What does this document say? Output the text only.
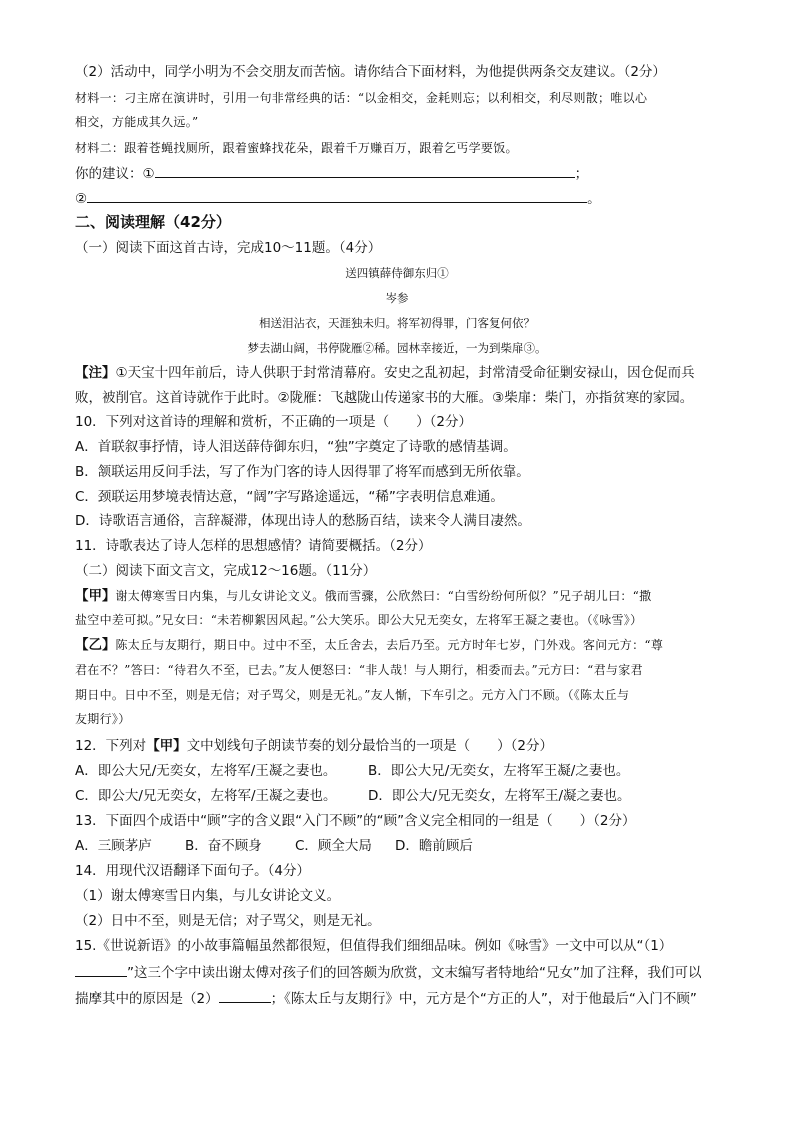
（2）活动中，同学小明为不会交朋友而苦恼。请你结合下面材料，为他提供两条交友建议。（2分）
材料一：刁主席在演讲时，引用一句非常经典的话：“以金相交，金耗则忘；以利相交，利尽则散；唯以心
相交，方能成其久远。”
材料二：跟着苍蝇找厕所，跟着蜜蜂找花朵，跟着千万赚百万，跟着乞丐学要饭。
你的建议：①	；
②	。
二、阅读理解（42分）
（一）阅读下面这首古诗，完成10～11题。（4分）
送四镇薛侍御东归①
岑参
相送泪沾衣，天涯独未归。将军初得罪，门客复何依？
梦去湖山阔，书停陇雁②稀。园林幸接近，一为到柴扉③。
【注】①天宝十四年前后，诗人供职于封常清幕府。安史之乱初起，封常清受命征剿安禄山，因仓促而兵
败，被削官。这首诗就作于此时。②陇雁：飞越陇山传递家书的大雁。③柴扉：柴门，亦指贫寒的家园。
10．下列对这首诗的理解和赏析，不正确的一项是（　　）（2分）
A．首联叙事抒情，诗人泪送薛侍御东归，“独”字奠定了诗歌的感情基调。
B．颔联运用反问手法，写了作为门客的诗人因得罪了将军而感到无所依靠。
C．颈联运用梦境表情达意，“阔”字写路途遥远，“稀”字表明信息难通。
D．诗歌语言通俗，言辞凝滞，体现出诗人的愁肠百结，读来令人满目凄然。
11．诗歌表达了诗人怎样的思想感情？请简要概括。（2分）
（二）阅读下面文言文，完成12～16题。（11分）
【甲】谢太傅寒雪日内集，与儿女讲论文义。俄而雪骤，公欣然曰：“白雪纷纷何所似？”兄子胡儿曰：“撒
盐空中差可拟。”兄女曰：“未若柳絮因风起。”公大笑乐。即公大兄无奕女，左将军王凝之妻也。（《咏雪》）
【乙】陈太丘与友期行，期日中。过中不至，太丘舍去，去后乃至。元方时年七岁，门外戏。客问元方：“尊
君在不？”答曰：“待君久不至，已去。”友人便怒曰：“非人哉！与人期行，相委而去。”元方曰：“君与家君
期日中。日中不至，则是无信；对子骂父，则是无礼。”友人惭，下车引之。元方入门不顾。（《陈太丘与
友期行》）
12．下列对【甲】文中划线句子朗读节奏的划分最恰当的一项是（　　）（2分）
A．即公大兄/无奕女，左将军/王凝之妻也。 B．即公大兄/无奕女，左将军王凝/之妻也。
C．即公大/兄无奕女，左将军/王凝之妻也。 D．即公大/兄无奕女，左将军王/凝之妻也。
13．下面四个成语中“顾”字的含义跟“入门不顾”的“顾”含义完全相同的一组是（　　）（2分）
A．三顾茅庐 B．奋不顾身 C．顾全大局 D．瞻前顾后
14．用现代汉语翻译下面句子。（4分）
（1）谢太傅寒雪日内集，与儿女讲论文义。
（2）日中不至，则是无信；对子骂父，则是无礼。
15.《世说新语》的小故事篇幅虽然都很短，但值得我们细细品味。例如《咏雪》一文中可以从“（1）
”这三个字中读出谢太傅对孩子们的回答颇为欣赏，文末编写者特地给“兄女”加了注释，我们可以
揣摩其中的原因是（2）	；《陈太丘与友期行》中，元方是个“方正的人”，对于他最后“入门不顾”
